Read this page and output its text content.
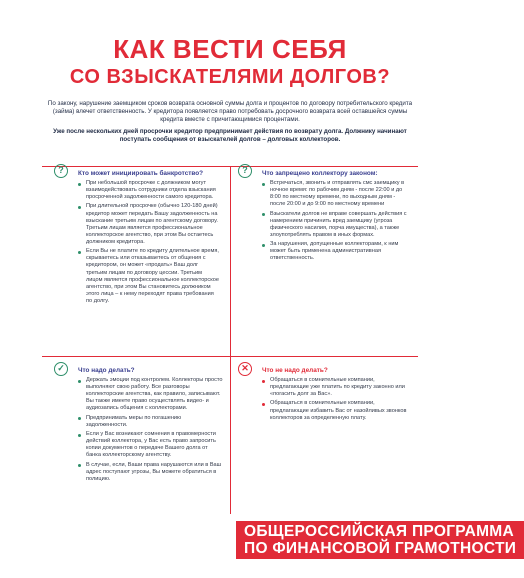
КАК ВЕСТИ СЕБЯ
СО ВЗЫСКАТЕЛЯМИ ДОЛГОВ?

По закону, нарушение заемщиком сроков возврата основной суммы долга и процентов по договору потребительского кредита (займа) влечет ответственность. У кредитора появляется право потребовать досрочного возврата всей оставшейся суммы кредита вместе с причитающимися процентами.

Уже после нескольких дней просрочки кредитор предпринимает действия по возврату долга. Должнику начинают поступать сообщения от взыскателей долгов – долговых коллекторов.

?	Кто может инициировать банкротство?
При небольшой просрочке с должником могут взаимодействовать сотрудники отдела взыскания просроченной задолженности самого кредитора.
При длительной просрочке (обычно 120-180 дней) кредитор может передать Вашу задолженность на взыскание третьим лицам по агентскому договору. Третьим лицам является профессиональное коллекторское агентство, при этом Вы остаетесь должником кредитора.
Если Вы не платите по кредиту длительное время, скрываетесь или отказываетесь от общения с кредитором, он может «продать» Ваш долг третьим лицам по договору цессии. Третьим лицом является профессиональное коллекторское агентство, при этом Вы становитесь должником этого лица – к нему переходят права требования по долгу.
?	Что запрещено коллектору законом:
Встречаться, звонить и отправлять смс заемщику в ночное время: по рабочим дням - после 22:00 и до 8:00 по местному времени, по выходным дням - после 20:00 и до 9:00 по местному времени
Взыскатели долгов не вправе совершать действия с намерением причинить вред заемщику (угроза физического насилия, порча имущества), а также злоупотреблять правом в иных формах.
За нарушения, допущенные коллекторами, к ним может быть применена административная ответственность.
✓	Что надо делать?
Держать эмоции под контролем. Коллекторы просто выполняют свою работу. Все разговоры коллекторские агентства, как правило, записывают. Вы также имеете право осуществлять видео- и аудиозапись общения с коллекторами.
Предпринимать меры по погашению задолженности.
Если у Вас возникают сомнения в правомерности действий коллектора, у Вас есть право запросить копии документов о передаче Вашего долга от банка коллекторскому агентству.
В случае, если, Ваши права нарушаются или в Ваш адрес поступают угрозы, Вы можете обратиться в полицию.
✕	Что не надо делать?
Обращаться в сомнительные компании, предлагающие уже платить по кредиту законно или «погасить долг за Вас».
Обращаться в сомнительные компании, предлагающие избавить Вас от назойливых звонков коллекторов за определенную плату.
ОБЩЕРОССИЙСКАЯ ПРОГРАММА
ПО ФИНАНСОВОЙ ГРАМОТНОСТИ
